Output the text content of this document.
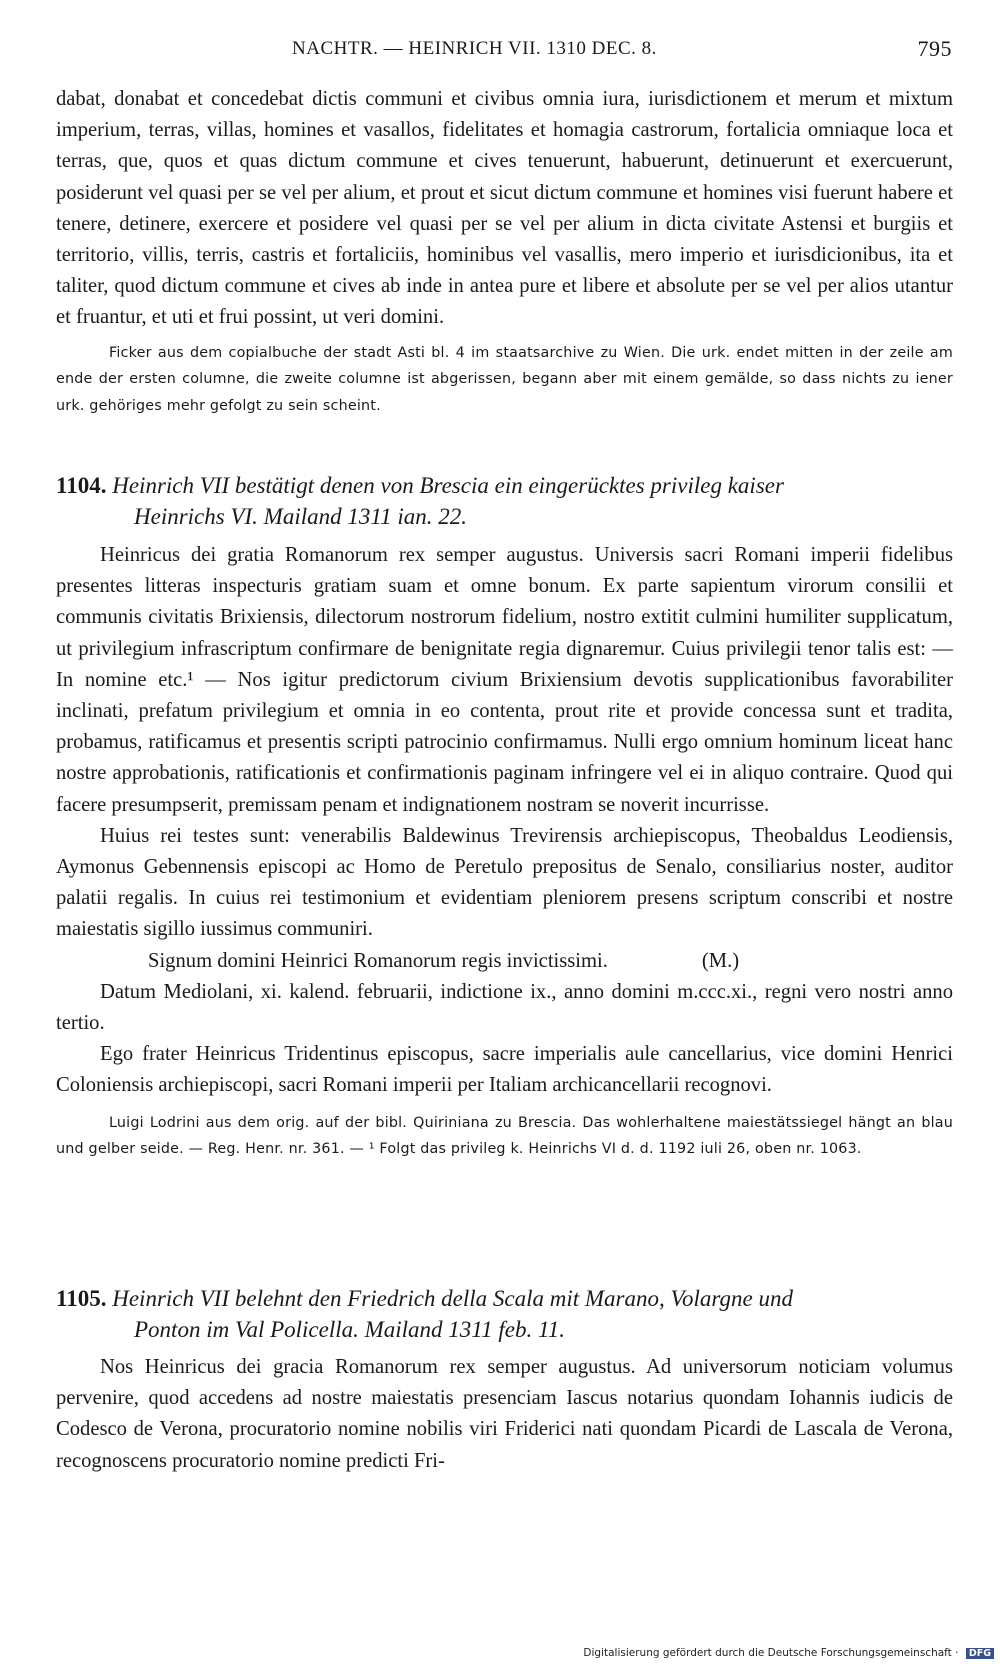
NACHTR. — HEINRICH VII. 1310 DEC. 8.	795

dabat, donabat et concedebat dictis communi et civibus omnia iura, iurisdictionem et merum et mixtum imperium, terras, villas, homines et vasallos, fidelitates et homagia castrorum, fortalicia omniaque loca et terras, que, quos et quas dictum commune et cives tenuerunt, habuerunt, detinuerunt et exercuerunt, posiderunt vel quasi per se vel per alium, et prout et sicut dictum commune et homines visi fuerunt habere et tenere, detinere, exercere et posidere vel quasi per se vel per alium in dicta civitate Astensi et burgiis et territorio, villis, terris, castris et fortaliciis, hominibus vel vasallis, mero imperio et iurisdicionibus, ita et taliter, quod dictum commune et cives ab inde in antea pure et libere et absolute per se vel per alios utantur et fruantur, et uti et frui possint, ut veri domini.

Ficker aus dem copialbuche der stadt Asti bl. 4 im staatsarchive zu Wien. Die urk. endet mitten in der zeile am ende der ersten columne, die zweite columne ist abgerissen, begann aber mit einem gemälde, so dass nichts zu iener urk. gehöriges mehr gefolgt zu sein scheint.

1104. Heinrich VII bestätigt denen von Brescia ein eingerücktes privileg kaiser
Heinrichs VI. Mailand 1311 ian. 22.

Heinricus dei gratia Romanorum rex semper augustus. Universis sacri Romani imperii fidelibus presentes litteras inspecturis gratiam suam et omne bonum. Ex parte sapientum virorum consilii et communis civitatis Brixiensis, dilectorum nostrorum fidelium, nostro extitit culmini humiliter supplicatum, ut privilegium infrascriptum confirmare de benignitate regia dignaremur. Cuius privilegii tenor talis est: — In nomine etc.¹ — Nos igitur predictorum civium Brixiensium devotis supplicationibus favorabiliter inclinati, prefatum privilegium et omnia in eo contenta, prout rite et provide concessa sunt et tradita, probamus, ratificamus et presentis scripti patrocinio confirmamus. Nulli ergo omnium hominum liceat hanc nostre approbationis, ratificationis et confirmationis paginam infringere vel ei in aliquo contraire. Quod qui facere presumpserit, premissam penam et indignationem nostram se noverit incurrisse.

Huius rei testes sunt: venerabilis Baldewinus Trevirensis archiepiscopus, Theobaldus Leodiensis, Aymonus Gebennensis episcopi ac Homo de Peretulo prepositus de Senalo, consiliarius noster, auditor palatii regalis. In cuius rei testimonium et evidentiam pleniorem presens scriptum conscribi et nostre maiestatis sigillo iussimus communiri.

Signum domini Heinrici Romanorum regis invictissimi.	(M.)

Datum Mediolani, xi. kalend. februarii, indictione ix., anno domini m.ccc.xi., regni vero nostri anno tertio.

Ego frater Heinricus Tridentinus episcopus, sacre imperialis aule cancellarius, vice domini Henrici Coloniensis archiepiscopi, sacri Romani imperii per Italiam archicancellarii recognovi.

Luigi Lodrini aus dem orig. auf der bibl. Quiriniana zu Brescia. Das wohlerhaltene maiestätssiegel hängt an blau und gelber seide. — Reg. Henr. nr. 361. — ¹ Folgt das privileg k. Heinrichs VI d. d. 1192 iuli 26, oben nr. 1063.

1105. Heinrich VII belehnt den Friedrich della Scala mit Marano, Volargne und
Ponton im Val Policella. Mailand 1311 feb. 11.

Nos Heinricus dei gracia Romanorum rex semper augustus. Ad universorum noticiam volumus pervenire, quod accedens ad nostre maiestatis presenciam Iascus notarius quondam Iohannis iudicis de Codesco de Verona, procuratorio nomine nobilis viri Friderici nati quondam Picardi de Lascala de Verona, recognoscens procuratorio nomine predicti Fri-

Digitalisierung gefördert durch die Deutsche Forschungsgemeinschaft · DFG
